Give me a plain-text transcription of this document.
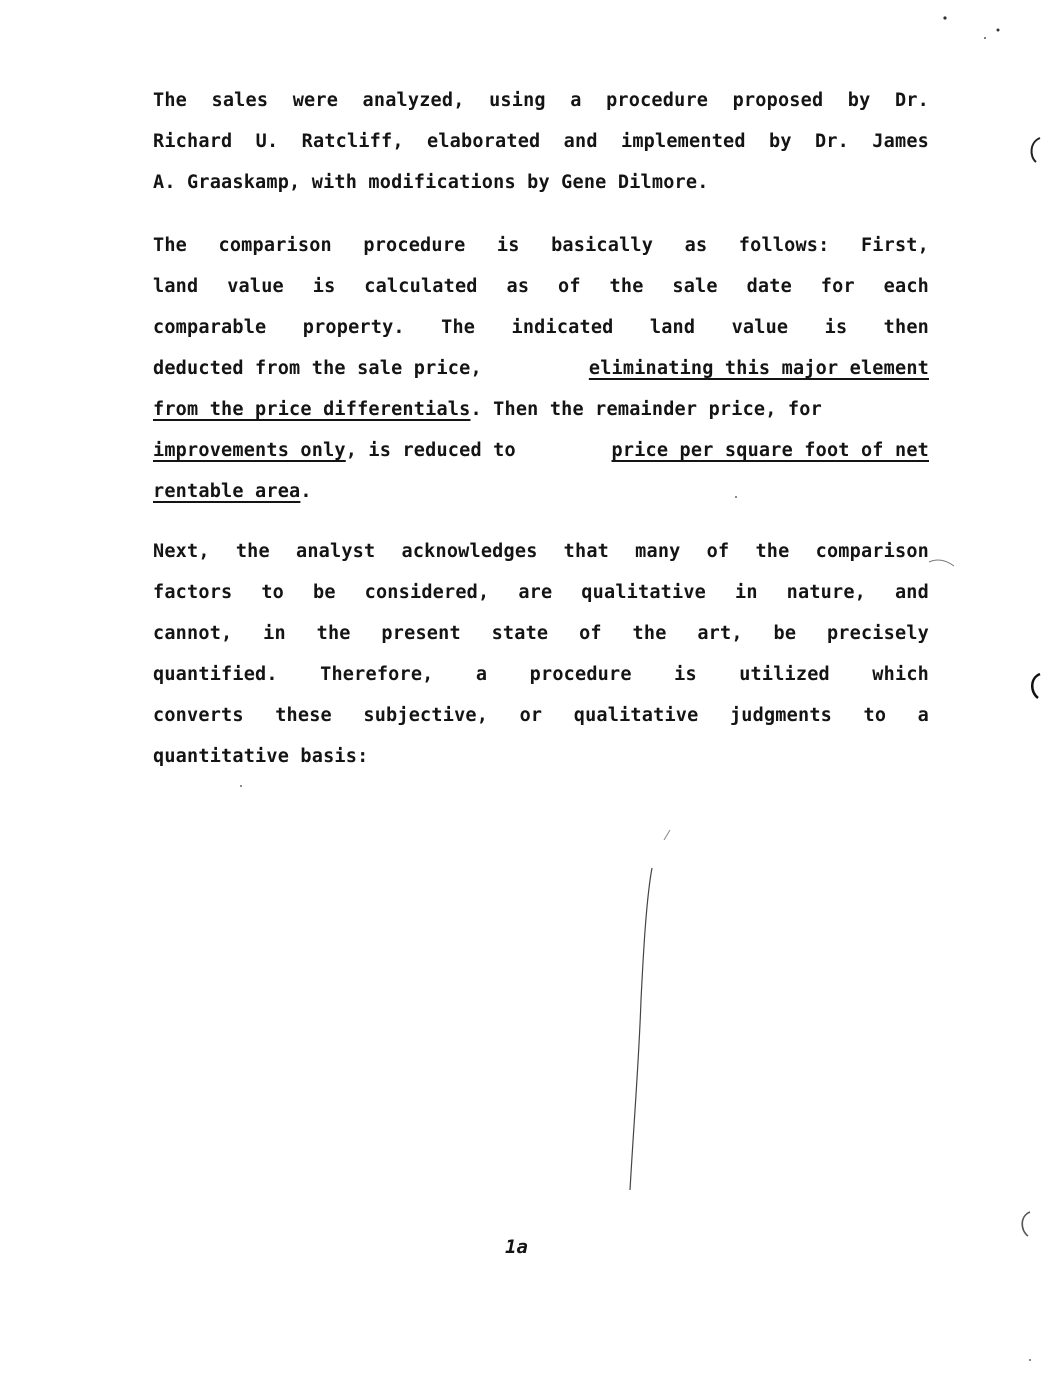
The sales were analyzed, using a procedure proposed by Dr.
Richard U. Ratcliff, elaborated and implemented by Dr. James
A. Graaskamp, with modifications by Gene Dilmore.
The comparison procedure is basically as follows: First,
land value is calculated as of the sale date for each
comparable property. The indicated land value is then
deducted from the sale price,	eliminating this major element
from the price differentials. Then the remainder price, for
improvements only, is reduced to	price per square foot of net
rentable area.
Next, the analyst acknowledges that many of the comparison
factors to be considered, are qualitative in nature, and
cannot, in the present state of the art, be precisely
quantified. Therefore, a procedure is utilized which
converts these subjective, or qualitative judgments to a
quantitative basis:
1a
